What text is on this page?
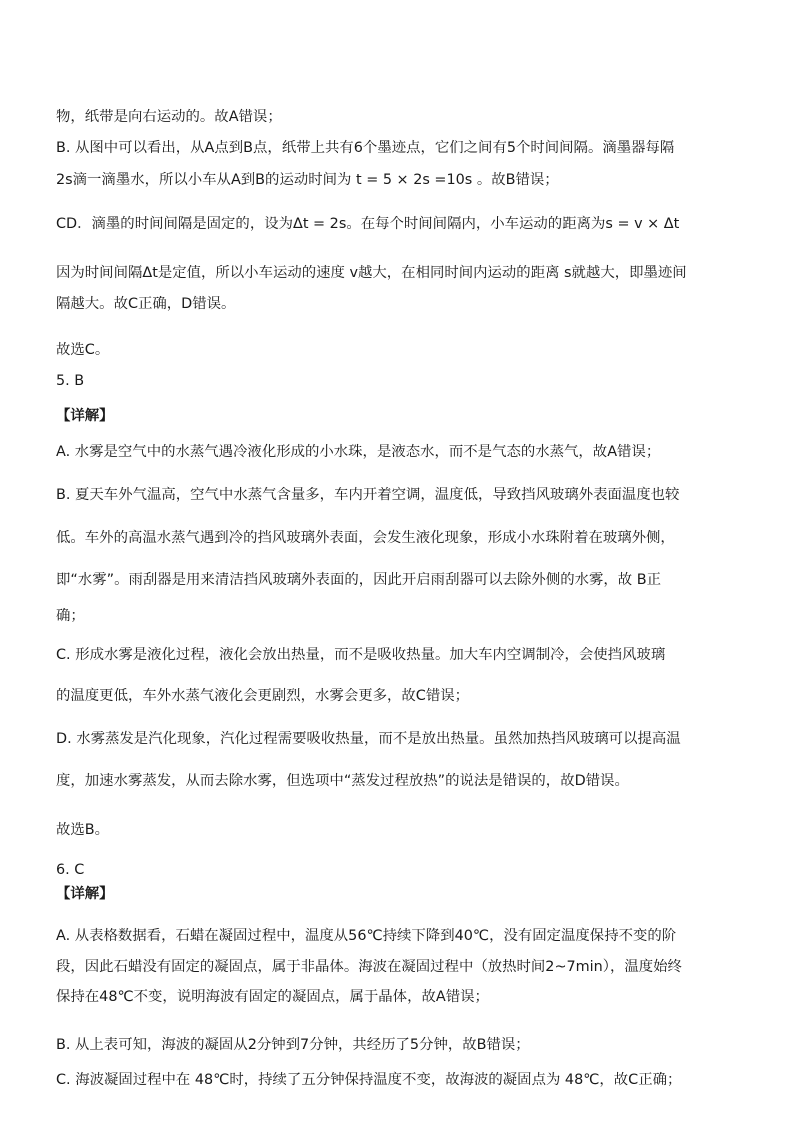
物，纸带是向右运动的。故A错误；
B. 从图中可以看出，从A点到B点，纸带上共有6个墨迹点，它们之间有5个时间间隔。滴墨器每隔
2s滴一滴墨水，所以小车从A到B的运动时间为 t = 5 × 2s =10s 。故B错误；
CD．滴墨的时间间隔是固定的，设为Δt = 2s。在每个时间间隔内，小车运动的距离为s = v × Δt
因为时间间隔Δt是定值，所以小车运动的速度 v越大，在相同时间内运动的距离 s就越大，即墨迹间
隔越大。故C正确，D错误。
故选C。
5. B
【详解】
A. 水雾是空气中的水蒸气遇冷液化形成的小水珠，是液态水，而不是气态的水蒸气，故A错误；
B. 夏天车外气温高，空气中水蒸气含量多，车内开着空调，温度低，导致挡风玻璃外表面温度也较
低。车外的高温水蒸气遇到冷的挡风玻璃外表面，会发生液化现象，形成小水珠附着在玻璃外侧，
即“水雾”。雨刮器是用来清洁挡风玻璃外表面的，因此开启雨刮器可以去除外侧的水雾，故 B正
确；
C. 形成水雾是液化过程，液化会放出热量，而不是吸收热量。加大车内空调制冷，会使挡风玻璃
的温度更低，车外水蒸气液化会更剧烈，水雾会更多，故C错误；
D. 水雾蒸发是汽化现象，汽化过程需要吸收热量，而不是放出热量。虽然加热挡风玻璃可以提高温
度，加速水雾蒸发，从而去除水雾，但选项中“蒸发过程放热”的说法是错误的，故D错误。
故选B。
6. C
【详解】
A. 从表格数据看，石蜡在凝固过程中，温度从56℃持续下降到40℃，没有固定温度保持不变的阶
段，因此石蜡没有固定的凝固点，属于非晶体。海波在凝固过程中（放热时间2~7min），温度始终
保持在48℃不变，说明海波有固定的凝固点，属于晶体，故A错误；
B. 从上表可知，海波的凝固从2分钟到7分钟，共经历了5分钟，故B错误；
C. 海波凝固过程中在 48℃时，持续了五分钟保持温度不变，故海波的凝固点为 48℃，故C正确；
